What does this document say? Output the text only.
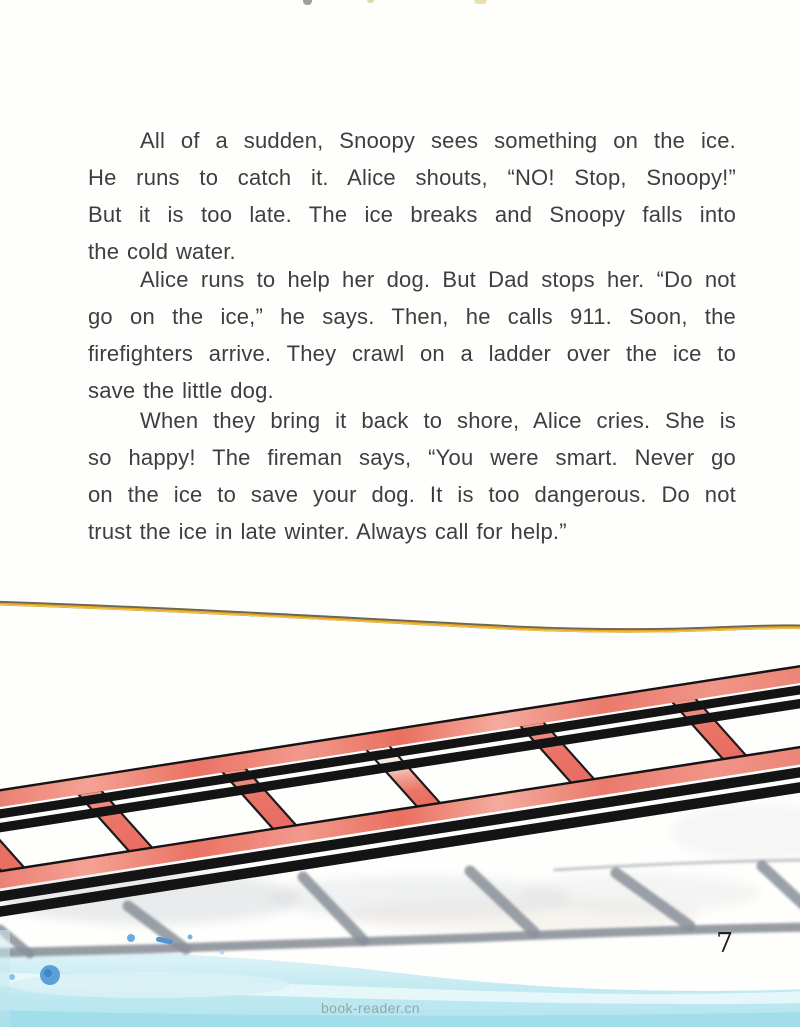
All of a sudden, Snoopy sees something on the ice.
He runs to catch it. Alice shouts, “NO! Stop, Snoopy!”
But it is too late. The ice breaks and Snoopy falls into
the cold water.
Alice runs to help her dog. But Dad stops her. “Do not
go on the ice,” he says. Then, he calls 911. Soon, the
firefighters arrive. They crawl on a ladder over the ice to
save the little dog.
When they bring it back to shore, Alice cries. She is
so happy! The fireman says, “You were smart. Never go
on the ice to save your dog. It is too dangerous. Do not
trust the ice in late winter. Always call for help.”
7
book-reader.cn
